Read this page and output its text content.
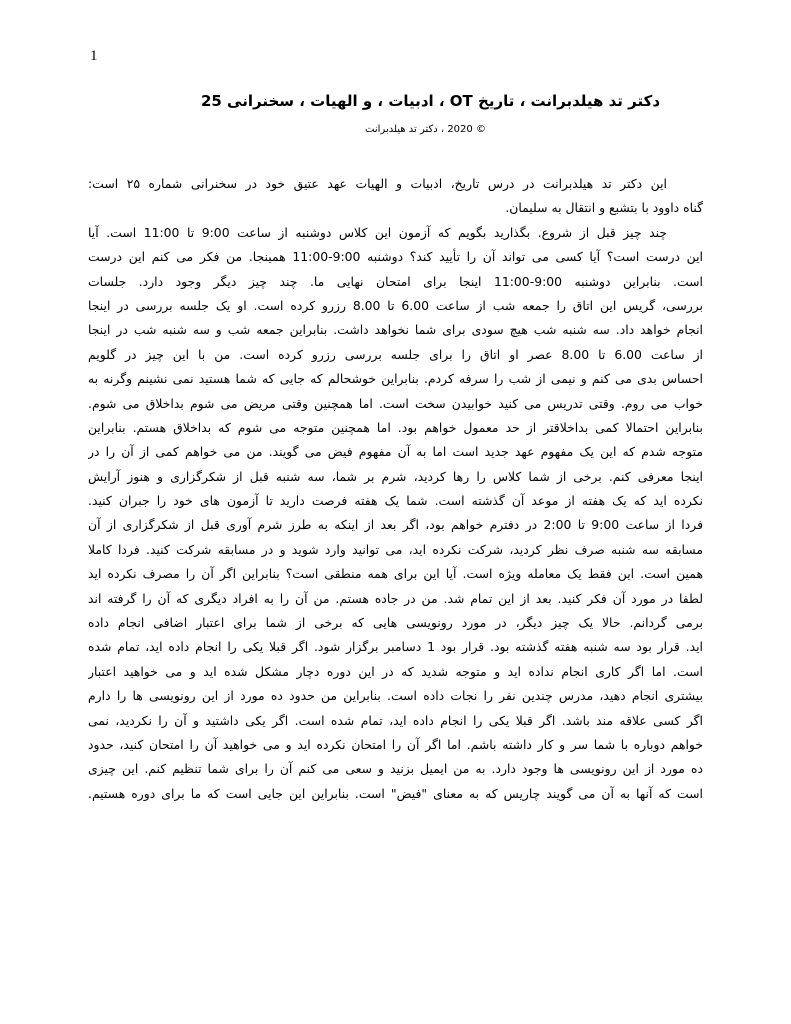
1
دکتر تد هیلدبرانت ، تاریخ OT ، ادبیات ، و الهیات ، سخنرانی 25
© 2020 ، دکتر تد هیلدبرانت
این دکتر تد هیلدبرانت در درس تاریخ، ادبیات و الهیات عهد عتیق خود در سخنرانی شماره ۲۵ است:
گناه داوود با بتشبع و انتقال به سلیمان.
چند چیز قبل از شروع. بگذارید بگویم که آزمون این کلاس دوشنبه از ساعت 9:00 تا 11:00 است. آیا
این درست است؟ آیا کسی می تواند آن را تأیید کند؟ دوشنبه 9:00-11:00 همینجا. من فکر می کنم این درست
است. بنابراین دوشنبه 9:00-11:00 اینجا برای امتحان نهایی ما. چند چیز دیگر وجود دارد. جلسات
بررسی، گریس این اتاق را جمعه شب از ساعت 6.00 تا 8.00 رزرو کرده است. او یک جلسه بررسی در اینجا
انجام خواهد داد. سه شنبه شب هیچ سودی برای شما نخواهد داشت. بنابراین جمعه شب و سه شنبه شب در اینجا
از ساعت 6.00 تا 8.00 عصر او اتاق را برای جلسه بررسی رزرو کرده است. من با این چیز در گلویم
احساس بدی می کنم و نیمی از شب را سرفه کردم. بنابراین خوشحالم که جایی که شما هستید نمی نشینم وگرنه به
خواب می روم. وقتی تدریس می کنید خوابیدن سخت است. اما همچنین وقتی مریض می شوم بداخلاق می شوم.
بنابراین احتمالا کمی بداخلاقتر از حد معمول خواهم بود. اما همچنین متوجه می شوم که بداخلاق هستم. بنابراین
متوجه شدم که این یک مفهوم عهد جدید است اما به آن مفهوم فیض می گویند. من می خواهم کمی از آن را در
اینجا معرفی کنم. برخی از شما کلاس را رها کردید، شرم بر شما، سه شنبه قبل از شکرگزاری و هنوز آرایش
نکرده اید که یک هفته از موعد آن گذشته است. شما یک هفته فرصت دارید تا آزمون های خود را جبران کنید.
فردا از ساعت 9:00 تا 2:00 در دفترم خواهم بود، اگر بعد از اینکه به طرز شرم آوری قبل از شکرگزاری از آن
مسابقه سه شنبه صرف نظر کردید، شرکت نکرده اید، می توانید وارد شوید و در مسابقه شرکت کنید. فردا کاملا
همین است. این فقط یک معامله ویژه است. آیا این برای همه منطقی است؟ بنابراین اگر آن را مصرف نکرده اید
لطفا در مورد آن فکر کنید. بعد از این تمام شد. من در جاده هستم. من آن را به افراد دیگری که آن را گرفته اند
برمی گردانم. حالا یک چیز دیگر، در مورد رونویسی هایی که برخی از شما برای اعتبار اضافی انجام داده
اید. قرار بود سه شنبه هفته گذشته بود. قرار بود 1 دسامبر برگزار شود. اگر قبلا یکی را انجام داده اید، تمام شده
است. اما اگر کاری انجام نداده اید و متوجه شدید که در این دوره دچار مشکل شده اید و می خواهید اعتبار
بیشتری انجام دهید، مدرس چندین نفر را نجات داده است. بنابراین من حدود ده مورد از این رونویسی ها را دارم
اگر کسی علاقه مند باشد. اگر قبلا یکی را انجام داده اید، تمام شده است. اگر یکی داشتید و آن را نکردید، نمی
خواهم دوباره با شما سر و کار داشته باشم. اما اگر آن را امتحان نکرده اید و می خواهید آن را امتحان کنید، حدود
ده مورد از این رونویسی ها وجود دارد. به من ایمیل بزنید و سعی می کنم آن را برای شما تنظیم کنم. این چیزی
است که آنها به آن می گویند چاریس که به معنای "فیض" است. بنابراین این جایی است که ما برای دوره هستیم.
